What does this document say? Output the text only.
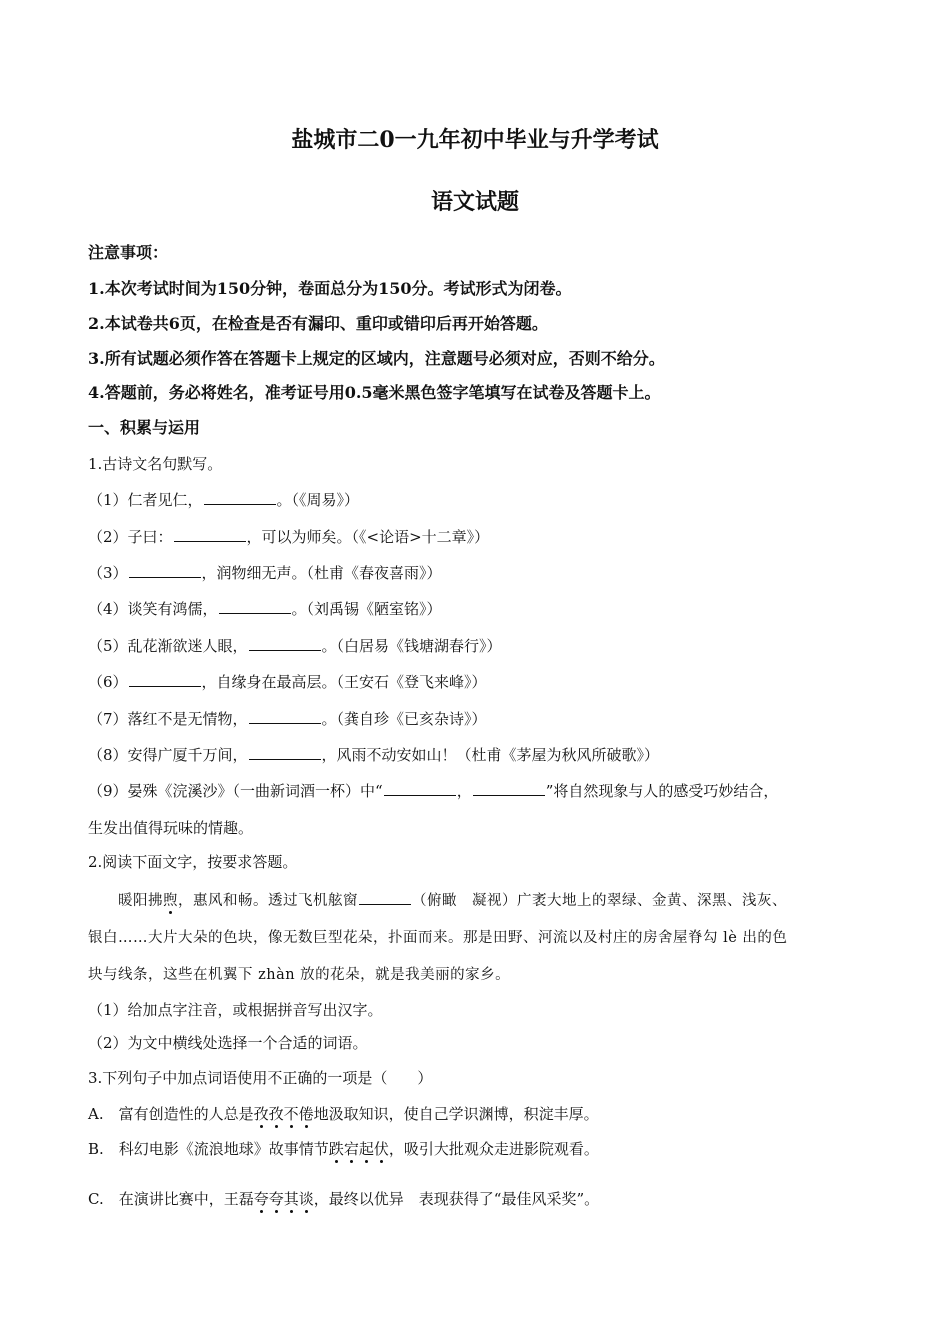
盐城市二0一九年初中毕业与升学考试
语文试题
注意事项：
1.本次考试时间为150分钟，卷面总分为150分。考试形式为闭卷。
2.本试卷共6页，在检查是否有漏印、重印或错印后再开始答题。
3.所有试题必须作答在答题卡上规定的区域内，注意题号必须对应，否则不给分。
4.答题前，务必将姓名，准考证号用0.5毫米黑色签字笔填写在试卷及答题卡上。
一、积累与运用
1.古诗文名句默写。
（1）仁者见仁，	。（《周易》）
（2）子曰：	，可以为师矣。（《<论语>十二章》）
（3）	，润物细无声。（杜甫《春夜喜雨》）
（4）谈笑有鸿儒，	。（刘禹锡《陋室铭》）
（5）乱花渐欲迷人眼，	。（白居易《钱塘湖春行》）
（6）	，自缘身在最高层。（王安石《登飞来峰》）
（7）落红不是无情物，	。（龚自珍《已亥杂诗》）
（8）安得广厦千万间，	，风雨不动安如山！（杜甫《茅屋为秋风所破歌》）
（9）晏殊《浣溪沙》（一曲新词酒一杯）中“	，	”将自然现象与人的感受巧妙结合，
生发出值得玩味的情趣。
2.阅读下面文字，按要求答题。
暖阳拂煦，惠风和畅。透过飞机舷窗	（俯瞰　凝视）广袤大地上的翠绿、金黄、深黑、浅灰、
银白……大片大朵的色块，像无数巨型花朵，扑面而来。那是田野、河流以及村庄的房舍屋脊勾 lè 出的色
块与线条，这些在机翼下 zhàn 放的花朵，就是我美丽的家乡。
（1）给加点字注音，或根据拼音写出汉字。
（2）为文中横线处选择一个合适的词语。
3.下列句子中加点词语使用不正确的一项是（　　）
A.　富有创造性的人总是孜孜不倦地汲取知识，使自己学识渊博，积淀丰厚。
B.　科幻电影《流浪地球》故事情节跌宕起伏，吸引大批观众走进影院观看。
C.　在演讲比赛中，王磊夸夸其谈，最终以优异　表现获得了“最佳风采奖”。
